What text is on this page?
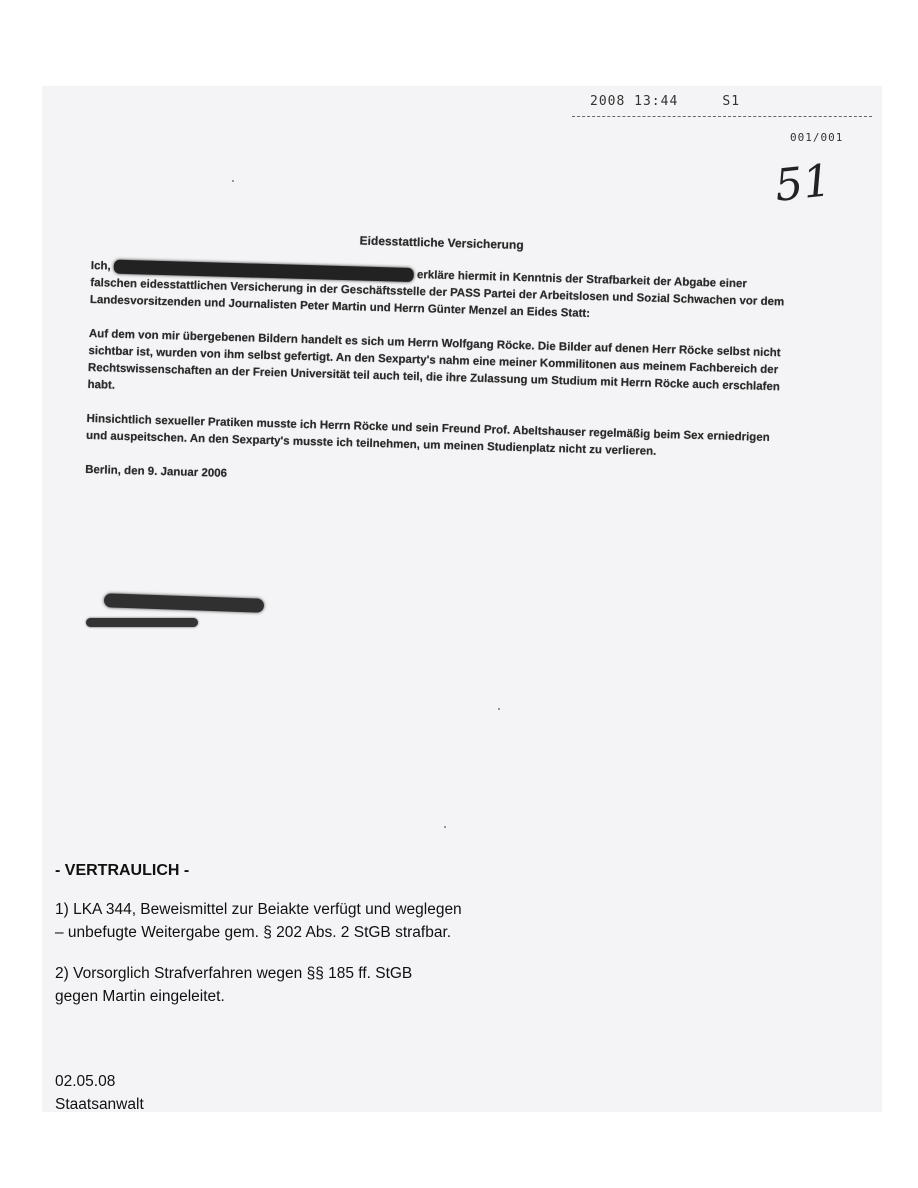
2008 13:44	S1
001/001
51
Eidesstattliche Versicherung

Ich,  erkläre hiermit in Kenntnis der Strafbarkeit der Abgabe einer falschen eidesstattlichen Versicherung in der Geschäftsstelle der PASS Partei der Arbeitslosen und Sozial Schwachen vor dem Landesvorsitzenden und Journalisten Peter Martin und Herrn Günter Menzel an Eides Statt:

Auf dem von mir übergebenen Bildern handelt es sich um Herrn Wolfgang Röcke. Die Bilder auf denen Herr Röcke selbst nicht sichtbar ist, wurden von ihm selbst gefertigt. An den Sexparty's nahm eine meiner Kommilitonen aus meinem Fachbereich der Rechtswissenschaften an der Freien Universität teil auch teil, die ihre Zulassung um Studium mit Herrn Röcke auch erschlafen habt.

Hinsichtlich sexueller Pratiken musste ich Herrn Röcke und sein Freund Prof. Abeltshauser regelmäßig beim Sex erniedrigen und auspeitschen. An den Sexparty's musste ich teilnehmen, um meinen Studienplatz nicht zu verlieren.

Berlin, den 9. Januar 2006

- VERTRAULICH -
1) LKA 344, Beweismittel zur Beiakte verfügt und weglegen
– unbefugte Weitergabe gem. § 202 Abs. 2 StGB strafbar.
2) Vorsorglich Strafverfahren wegen §§ 185 ff. StGB
gegen Martin eingeleitet.
02.05.08
Staatsanwalt
